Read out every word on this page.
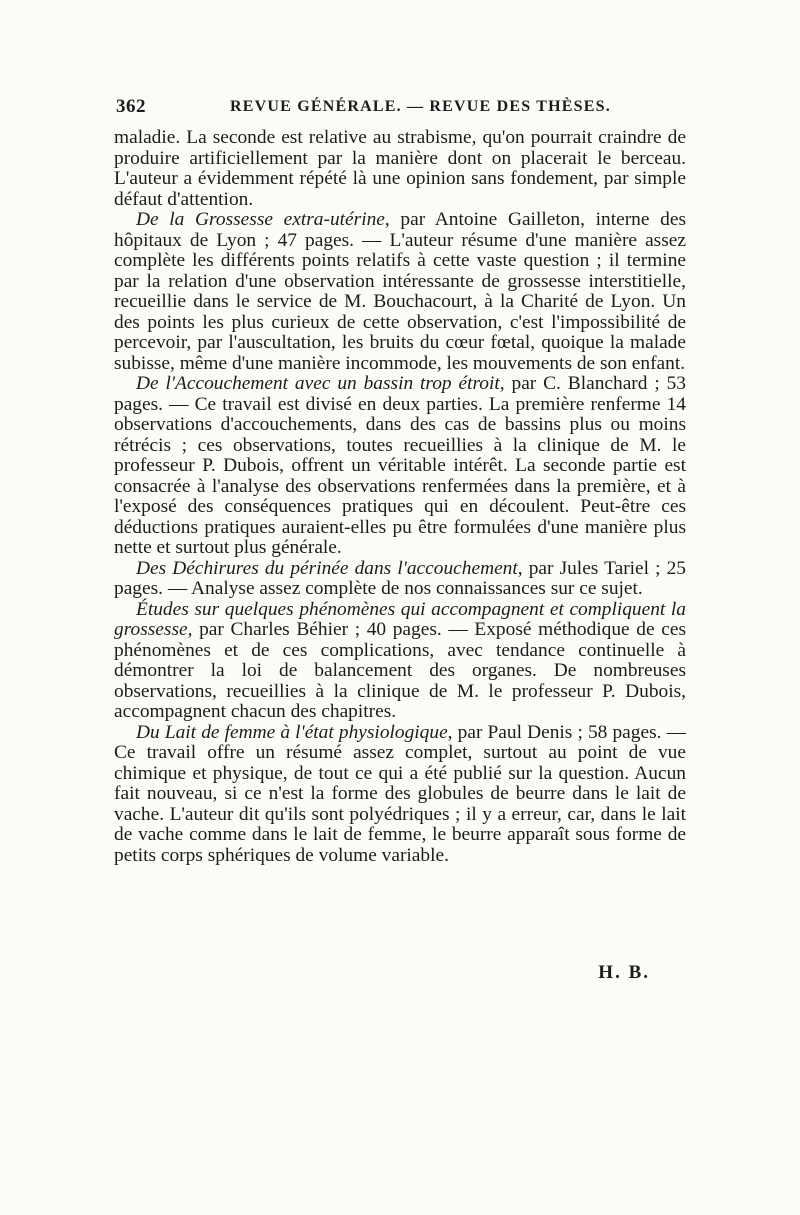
362	REVUE GÉNÉRALE. — REVUE DES THÈSES.

maladie. La seconde est relative au strabisme, qu'on pourrait craindre de produire artificiellement par la manière dont on placerait le berceau. L'auteur a évidemment répété là une opinion sans fondement, par simple défaut d'attention.

De la Grossesse extra-utérine, par Antoine Gailleton, interne des hôpitaux de Lyon ; 47 pages. — L'auteur résume d'une manière assez complète les différents points relatifs à cette vaste question ; il termine par la relation d'une observation intéressante de grossesse interstitielle, recueillie dans le service de M. Bouchacourt, à la Charité de Lyon. Un des points les plus curieux de cette observation, c'est l'impossibilité de percevoir, par l'auscultation, les bruits du cœur fœtal, quoique la malade subisse, même d'une manière incommode, les mouvements de son enfant.

De l'Accouchement avec un bassin trop étroit, par C. Blanchard ; 53 pages. — Ce travail est divisé en deux parties. La première renferme 14 observations d'accouchements, dans des cas de bassins plus ou moins rétrécis ; ces observations, toutes recueillies à la clinique de M. le professeur P. Dubois, offrent un véritable intérêt. La seconde partie est consacrée à l'analyse des observations renfermées dans la première, et à l'exposé des conséquences pratiques qui en découlent. Peut-être ces déductions pratiques auraient-elles pu être formulées d'une manière plus nette et surtout plus générale.

Des Déchirures du périnée dans l'accouchement, par Jules Tariel ; 25 pages. — Analyse assez complète de nos connaissances sur ce sujet.

Études sur quelques phénomènes qui accompagnent et compliquent la grossesse, par Charles Béhier ; 40 pages. — Exposé méthodique de ces phénomènes et de ces complications, avec tendance continuelle à démontrer la loi de balancement des organes. De nombreuses observations, recueillies à la clinique de M. le professeur P. Dubois, accompagnent chacun des chapitres.

Du Lait de femme à l'état physiologique, par Paul Denis ; 58 pages. — Ce travail offre un résumé assez complet, surtout au point de vue chimique et physique, de tout ce qui a été publié sur la question. Aucun fait nouveau, si ce n'est la forme des globules de beurre dans le lait de vache. L'auteur dit qu'ils sont polyédriques ; il y a erreur, car, dans le lait de vache comme dans le lait de femme, le beurre apparaît sous forme de petits corps sphériques de volume variable.

H. B.
